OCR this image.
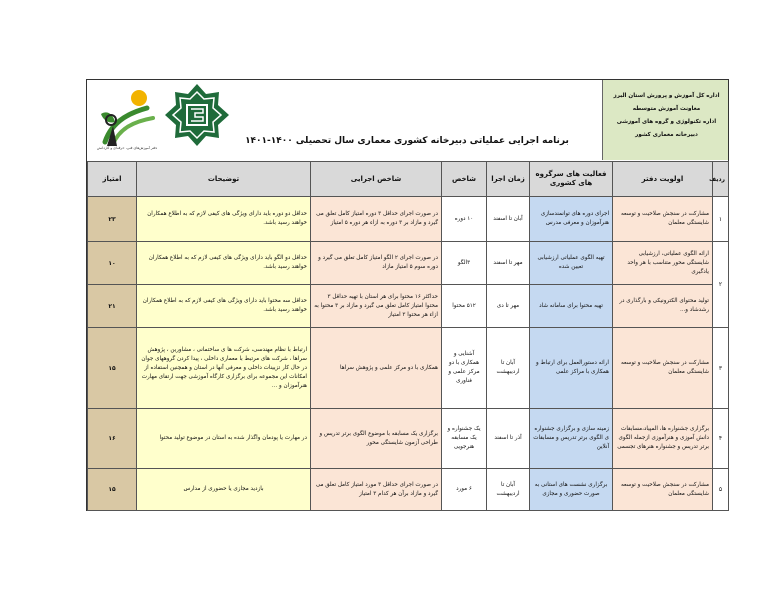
اداره کل آموزش و پرورش استان البرز
معاونت آموزش متوسطه
اداره تکنولوژی و گروه های آموزشی
دبیرخانه معماری کشور
برنامه اجرایی عملیاتی دبیرخانه کشوری معماری سال تحصیلی ۱۴۰۰-۱۴۰۱
دفتر آموزش‌های فنی، حرفه‌ای و کاردانش
ردیف	اولویت دفتر	فعالیت های سرگروه های کشوری	زمان اجرا	شاخص	شاخص اجرایی	توضیحات	امتیاز
۱	مشارکت در سنجش صلاحیت و توسعه شایستگی معلمان	اجرای دوره های توانمندسازی هنرآموزان و معرفی مدرس	آبان تا اسفند	۱۰ دوره	در صورت اجرای حداقل ۳ دوره امتیاز کامل تعلق می گیرد و مازاد بر ۳ دوره به ازاء هر دوره ۵ امتیاز	حداقل دو دوره باید دارای ویژگی های کیفی لازم که به اطلاع همکاران خواهند رسید باشد.	۲۳
۲	ارائه الگوی عملیاتی، ارزشیابی شایستگی محور متناسب با هر واحد یادگیری	تهیه الگوی عملیاتی ارزشیابی تعیین شده	مهر تا اسفند	۳الگو	در صورت اجرای ۲ الگو امتیاز کامل تعلق می گیرد و دوره سوم ۵ امتیاز مازاد	حداقل دو الگو باید دارای ویژگی های کیفی لازم که به اطلاع همکاران خواهند رسید باشد.	۱۰
	تولید محتوای الکترونیکی و بارگذاری در رشدشاد و...	تهیه محتوا برای سامانه شاد	مهر تا دی	۵۱۲ محتوا	حداکثر ۱۶ محتوا برای هر استان با تهیه حداقل ۳ محتوا امتیاز کامل تعلق می گیرد و مازاد بر ۳ محتوا به ازاء هر محتوا ۳ امتیاز	حداقل سه محتوا باید دارای ویژگی های کیفی لازم که به اطلاع همکاران خواهند رسید باشد.	۲۱
۳	مشارکت در سنجش صلاحیت و توسعه شایستگی معلمان	ارائه دستورالعمل برای ارتباط و همکاری با مراکز علمی	آبان تا اردیبهشت	آشنایی و همکاری با دو مرکز علمی و فناوری	همکاری با دو مرکز علمی و پژوهش سراها	ارتباط با نظام مهندسی، شرکت ها ی ساختمانی ، مشاورین ، پژوهش سراها ، شرکت های مرتبط با معماری داخلی ، پیدا کردن گروههای جوان در حال کار تزیینات داخلی و معرفی آنها در استان و همچنین استفاده از امکانات این مجموعه برای برگزاری کارگاه آموزشی جهت ارتقای مهارت هنرآموزان و ...	۱۵
۴	برگزاری جشنواره ها، المپیاد،مسابقات دانش آموزی و هنرآموزی ازجمله الگوی برتر تدریس و جشنواره هنرهای تجسمی	زمینه سازی و برگزاری جشنواره ی الگوی برتر تدریس و مسابقات آنلاین	آذر تا اسفند	یک جشنواره و یک مسابقه هنرجویی	برگزاری یک مسابقه با موضوع الگوی برتر تدریس و طراحی آزمون شایستگی محور	در مهارت یا پودمان واگذار شده به استان در موضوع تولید محتوا	۱۶
۵	مشارکت در سنجش صلاحیت و توسعه شایستگی معلمان	برگزاری نشست های استانی به صورت حضوری و مجازی	آبان تا اردیبهشت	۶ مورد	در صورت اجرای حداقل ۳ مورد امتیاز کامل تعلق می گیرد و مازاد برآن هر کدام ۳ امتیاز	بازدید مجازی یا حضوری از مدارس	۱۵
